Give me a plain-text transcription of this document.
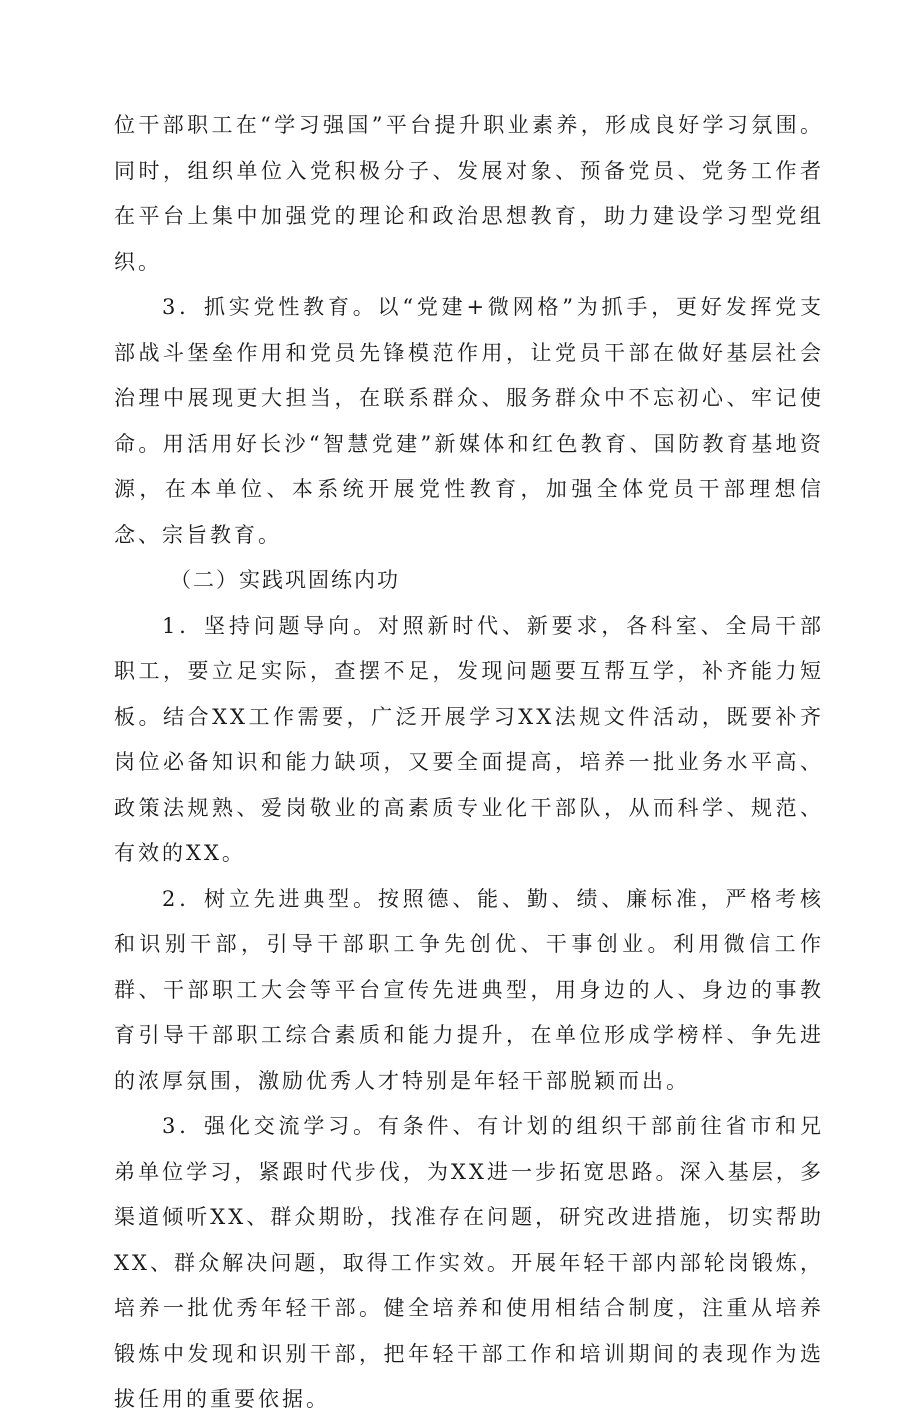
位干部职工在“学习强国”平台提升职业素养，形成良好学习氛围。同时，组织单位入党积极分子、发展对象、预备党员、党务工作者在平台上集中加强党的理论和政治思想教育，助力建设学习型党组织。

3．抓实党性教育。以“党建+微网格”为抓手，更好发挥党支部战斗堡垒作用和党员先锋模范作用，让党员干部在做好基层社会治理中展现更大担当，在联系群众、服务群众中不忘初心、牢记使命。用活用好长沙“智慧党建”新媒体和红色教育、国防教育基地资源，在本单位、本系统开展党性教育，加强全体党员干部理想信念、宗旨教育。

（二）实践巩固练内功

1．坚持问题导向。对照新时代、新要求，各科室、全局干部职工，要立足实际，查摆不足，发现问题要互帮互学，补齐能力短板。结合XX工作需要，广泛开展学习XX法规文件活动，既要补齐岗位必备知识和能力缺项，又要全面提高，培养一批业务水平高、政策法规熟、爱岗敬业的高素质专业化干部队，从而科学、规范、有效的XX。

2．树立先进典型。按照德、能、勤、绩、廉标准，严格考核和识别干部，引导干部职工争先创优、干事创业。利用微信工作群、干部职工大会等平台宣传先进典型，用身边的人、身边的事教育引导干部职工综合素质和能力提升，在单位形成学榜样、争先进的浓厚氛围，激励优秀人才特别是年轻干部脱颖而出。

3．强化交流学习。有条件、有计划的组织干部前往省市和兄弟单位学习，紧跟时代步伐，为XX进一步拓宽思路。深入基层，多渠道倾听XX、群众期盼，找准存在问题，研究改进措施，切实帮助XX、群众解决问题，取得工作实效。开展年轻干部内部轮岗锻炼，培养一批优秀年轻干部。健全培养和使用相结合制度，注重从培养锻炼中发现和识别干部，把年轻干部工作和培训期间的表现作为选拔任用的重要依据。
